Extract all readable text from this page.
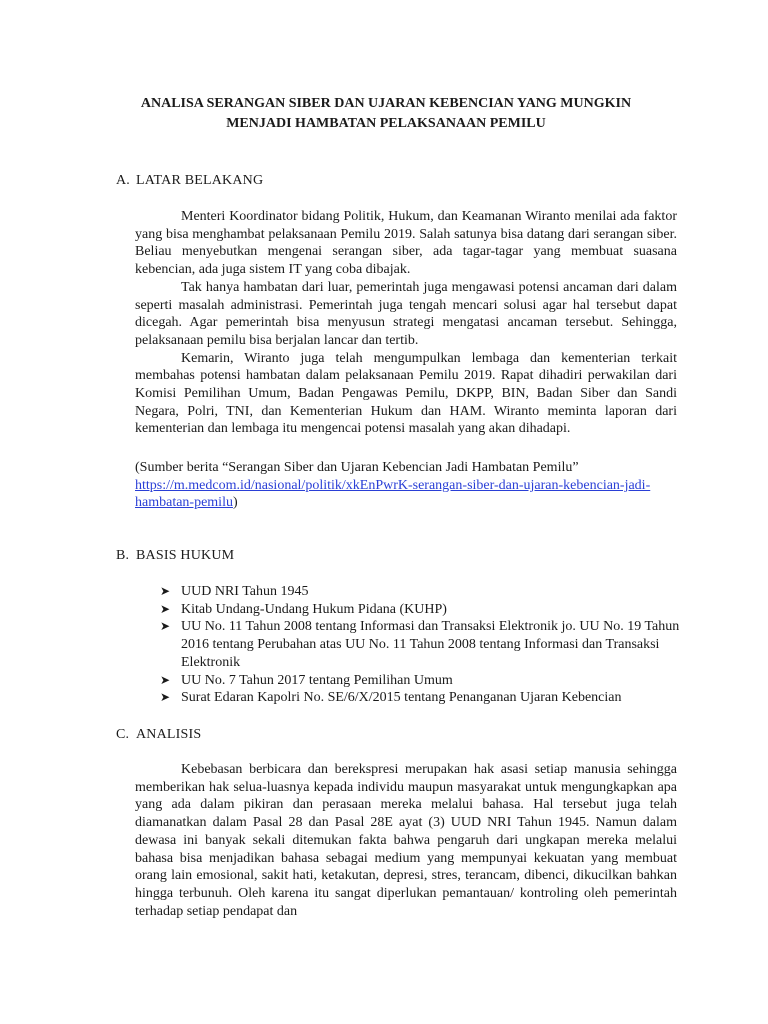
ANALISA SERANGAN SIBER DAN UJARAN KEBENCIAN YANG MUNGKIN
MENJADI HAMBATAN PELAKSANAAN PEMILU
A. LATAR BELAKANG

Menteri Koordinator bidang Politik, Hukum, dan Keamanan Wiranto menilai ada faktor yang bisa menghambat pelaksanaan Pemilu 2019. Salah satunya bisa datang dari serangan siber. Beliau menyebutkan mengenai serangan siber, ada tagar-tagar yang membuat suasana kebencian, ada juga sistem IT yang coba dibajak.

Tak hanya hambatan dari luar, pemerintah juga mengawasi potensi ancaman dari dalam seperti masalah administrasi. Pemerintah juga tengah mencari solusi agar hal tersebut dapat dicegah. Agar pemerintah bisa menyusun strategi mengatasi ancaman tersebut. Sehingga, pelaksanaan pemilu bisa berjalan lancar dan tertib.

Kemarin, Wiranto juga telah mengumpulkan lembaga dan kementerian terkait membahas potensi hambatan dalam pelaksanaan Pemilu 2019. Rapat dihadiri perwakilan dari Komisi Pemilihan Umum, Badan Pengawas Pemilu, DKPP, BIN, Badan Siber dan Sandi Negara, Polri, TNI, dan Kementerian Hukum dan HAM. Wiranto meminta laporan dari kementerian dan lembaga itu mengencai potensi masalah yang akan dihadapi.

(Sumber berita “Serangan Siber dan Ujaran Kebencian Jadi Hambatan Pemilu”
https://m.medcom.id/nasional/politik/xkEnPwrK-serangan-siber-dan-ujaran-kebencian-jadi-hambatan-pemilu)
B. BASIS HUKUM
➤ UUD NRI Tahun 1945
➤ Kitab Undang-Undang Hukum Pidana (KUHP)
➤ UU No. 11 Tahun 2008 tentang Informasi dan Transaksi Elektronik jo. UU No. 19 Tahun 2016 tentang Perubahan atas UU No. 11 Tahun 2008 tentang Informasi dan Transaksi Elektronik
➤ UU No. 7 Tahun 2017 tentang Pemilihan Umum
➤ Surat Edaran Kapolri No. SE/6/X/2015 tentang Penanganan Ujaran Kebencian
C. ANALISIS

Kebebasan berbicara dan berekspresi merupakan hak asasi setiap manusia sehingga memberikan hak selua-luasnya kepada individu maupun masyarakat untuk mengungkapkan apa yang ada dalam pikiran dan perasaan mereka melalui bahasa. Hal tersebut juga telah diamanatkan dalam Pasal 28 dan Pasal 28E ayat (3) UUD NRI Tahun 1945. Namun dalam dewasa ini banyak sekali ditemukan fakta bahwa pengaruh dari ungkapan mereka melalui bahasa bisa menjadikan bahasa sebagai medium yang mempunyai kekuatan yang membuat orang lain emosional, sakit hati, ketakutan, depresi, stres, terancam, dibenci, dikucilkan bahkan hingga terbunuh. Oleh karena itu sangat diperlukan pemantauan/ kontroling oleh pemerintah terhadap setiap pendapat dan
